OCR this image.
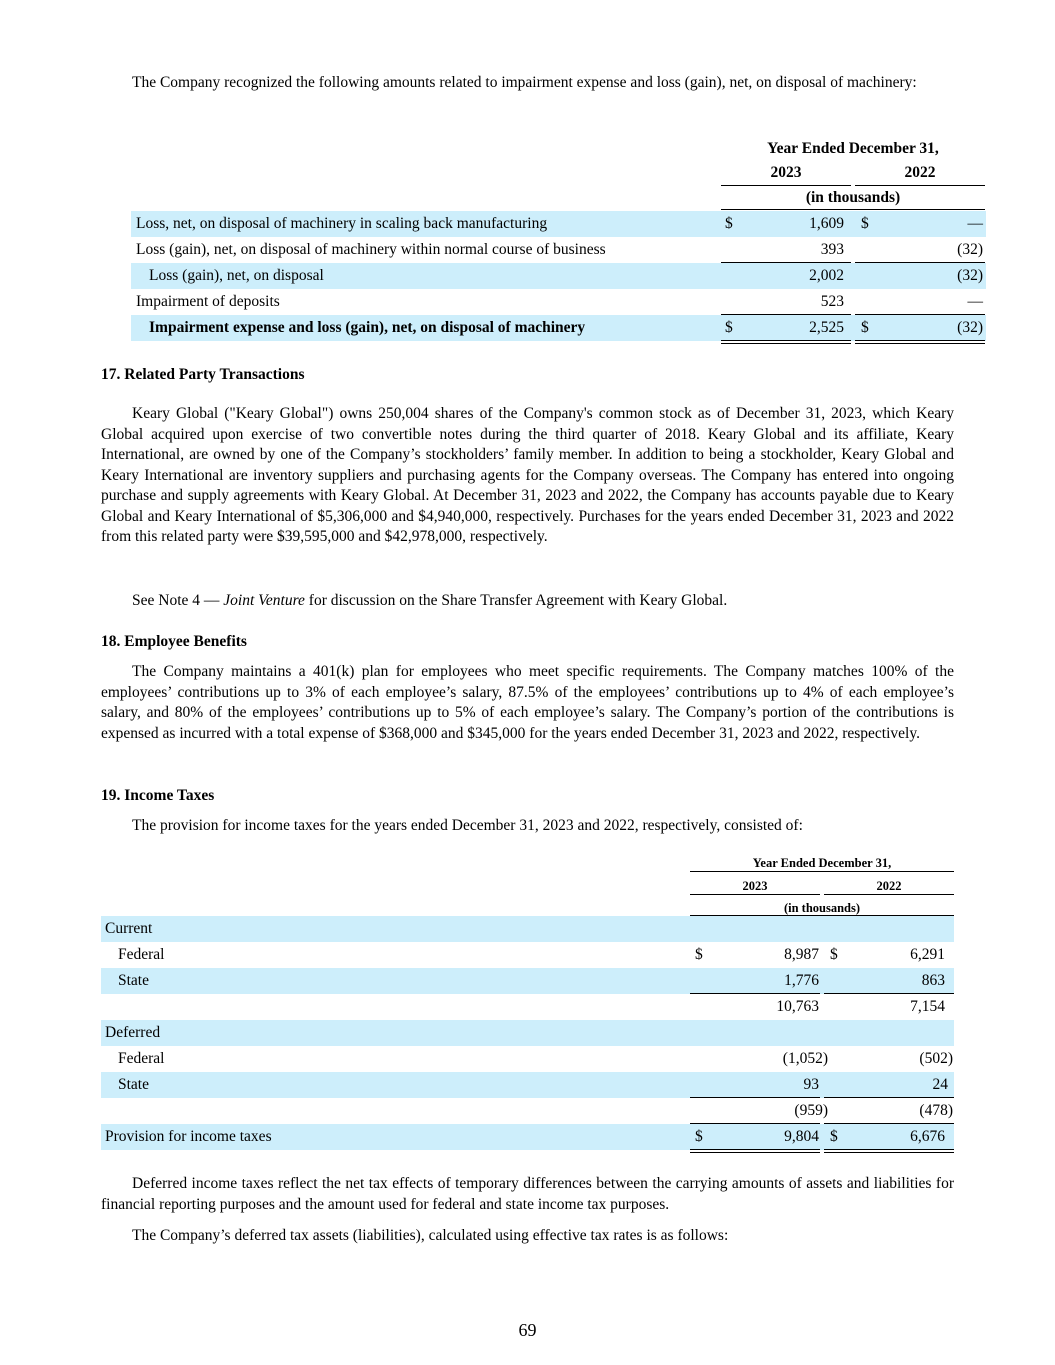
The Company recognized the following amounts related to impairment expense and loss (gain), net, on disposal of machinery:
Year Ended December 31,
2023	2022
(in thousands)
Loss, net, on disposal of machinery in scaling back manufacturing	$	1,609 $	—
Loss (gain), net, on disposal of machinery within normal course of business	393	(32)
Loss (gain), net, on disposal	2,002	(32)
Impairment of deposits	523	—
Impairment expense and loss (gain), net, on disposal of machinery	$	2,525 $	(32)
17. Related Party Transactions
Keary Global ("Keary Global") owns 250,004 shares of the Company's common stock as of December 31, 2023, which Keary Global acquired upon exercise of two convertible notes during the third quarter of 2018. Keary Global and its affiliate, Keary International, are owned by one of the Company’s stockholders’ family member. In addition to being a stockholder, Keary Global and Keary International are inventory suppliers and purchasing agents for the Company overseas. The Company has entered into ongoing purchase and supply agreements with Keary Global. At December 31, 2023 and 2022, the Company has accounts payable due to Keary Global and Keary International of $5,306,000 and $4,940,000, respectively. Purchases for the years ended December 31, 2023 and 2022 from this related party were $39,595,000 and $42,978,000, respectively.
See Note 4 — Joint Venture for discussion on the Share Transfer Agreement with Keary Global.
18. Employee Benefits
The Company maintains a 401(k) plan for employees who meet specific requirements. The Company matches 100% of the employees’ contributions up to 3% of each employee’s salary, 87.5% of the employees’ contributions up to 4% of each employee’s salary, and 80% of the employees’ contributions up to 5% of each employee’s salary. The Company’s portion of the contributions is expensed as incurred with a total expense of $368,000 and $345,000 for the years ended December 31, 2023 and 2022, respectively.
19. Income Taxes
The provision for income taxes for the years ended December 31, 2023 and 2022, respectively, consisted of:
Year Ended December 31,
2023	2022
(in thousands)
Current
Federal	$	8,987 $	6,291
State	1,776	863
10,763	7,154
Deferred
Federal	(1,052)	(502)
State	93	24
(959)	(478)
Provision for income taxes	$	9,804 $	6,676
Deferred income taxes reflect the net tax effects of temporary differences between the carrying amounts of assets and liabilities for financial reporting purposes and the amount used for federal and state income tax purposes.
The Company’s deferred tax assets (liabilities), calculated using effective tax rates is as follows:
69
